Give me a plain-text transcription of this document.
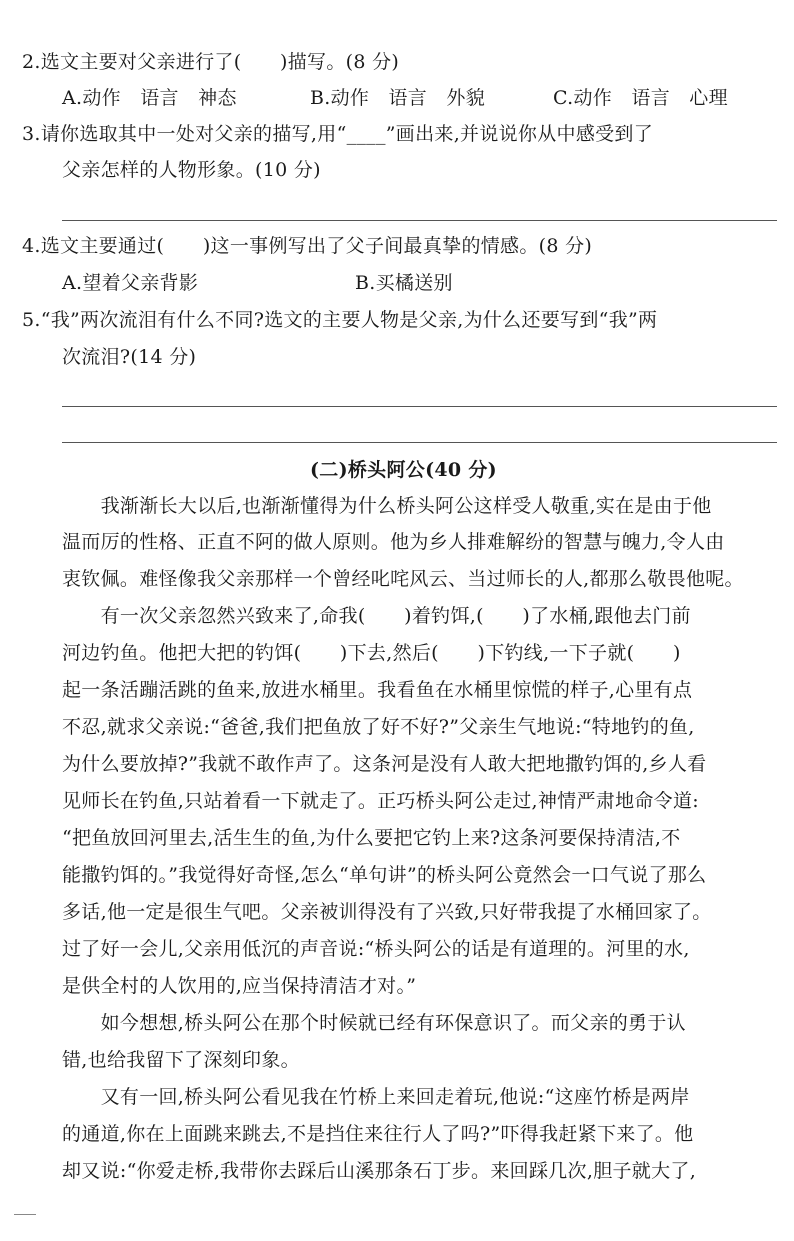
2.选文主要对父亲进行了(　　)描写。(8 分)
A.动作　语言　神态	B.动作　语言　外貌	C.动作　语言　心理
3.请你选取其中一处对父亲的描写,用“____”画出来,并说说你从中感受到了
父亲怎样的人物形象。(10 分)
4.选文主要通过(　　)这一事例写出了父子间最真挚的情感。(8 分)
A.望着父亲背影	B.买橘送别
5.“我”两次流泪有什么不同?选文的主要人物是父亲,为什么还要写到“我”两
次流泪?(14 分)
(二)桥头阿公(40 分)
　　我渐渐长大以后,也渐渐懂得为什么桥头阿公这样受人敬重,实在是由于他
温而厉的性格、正直不阿的做人原则。他为乡人排难解纷的智慧与魄力,令人由
衷钦佩。难怪像我父亲那样一个曾经叱咤风云、当过师长的人,都那么敬畏他呢。
　　有一次父亲忽然兴致来了,命我(　　)着钓饵,(　　)了水桶,跟他去门前
河边钓鱼。他把大把的钓饵(　　)下去,然后(　　)下钓线,一下子就(　　)
起一条活蹦活跳的鱼来,放进水桶里。我看鱼在水桶里惊慌的样子,心里有点
不忍,就求父亲说:“爸爸,我们把鱼放了好不好?”父亲生气地说:“特地钓的鱼,
为什么要放掉?”我就不敢作声了。这条河是没有人敢大把地撒钓饵的,乡人看
见师长在钓鱼,只站着看一下就走了。正巧桥头阿公走过,神情严肃地命令道:
“把鱼放回河里去,活生生的鱼,为什么要把它钓上来?这条河要保持清洁,不
能撒钓饵的。”我觉得好奇怪,怎么“单句讲”的桥头阿公竟然会一口气说了那么
多话,他一定是很生气吧。父亲被训得没有了兴致,只好带我提了水桶回家了。
过了好一会儿,父亲用低沉的声音说:“桥头阿公的话是有道理的。河里的水,
是供全村的人饮用的,应当保持清洁才对。”
　　如今想想,桥头阿公在那个时候就已经有环保意识了。而父亲的勇于认
错,也给我留下了深刻印象。
　　又有一回,桥头阿公看见我在竹桥上来回走着玩,他说:“这座竹桥是两岸
的通道,你在上面跳来跳去,不是挡住来往行人了吗?”吓得我赶紧下来了。他
却又说:“你爱走桥,我带你去踩后山溪那条石丁步。来回踩几次,胆子就大了,
